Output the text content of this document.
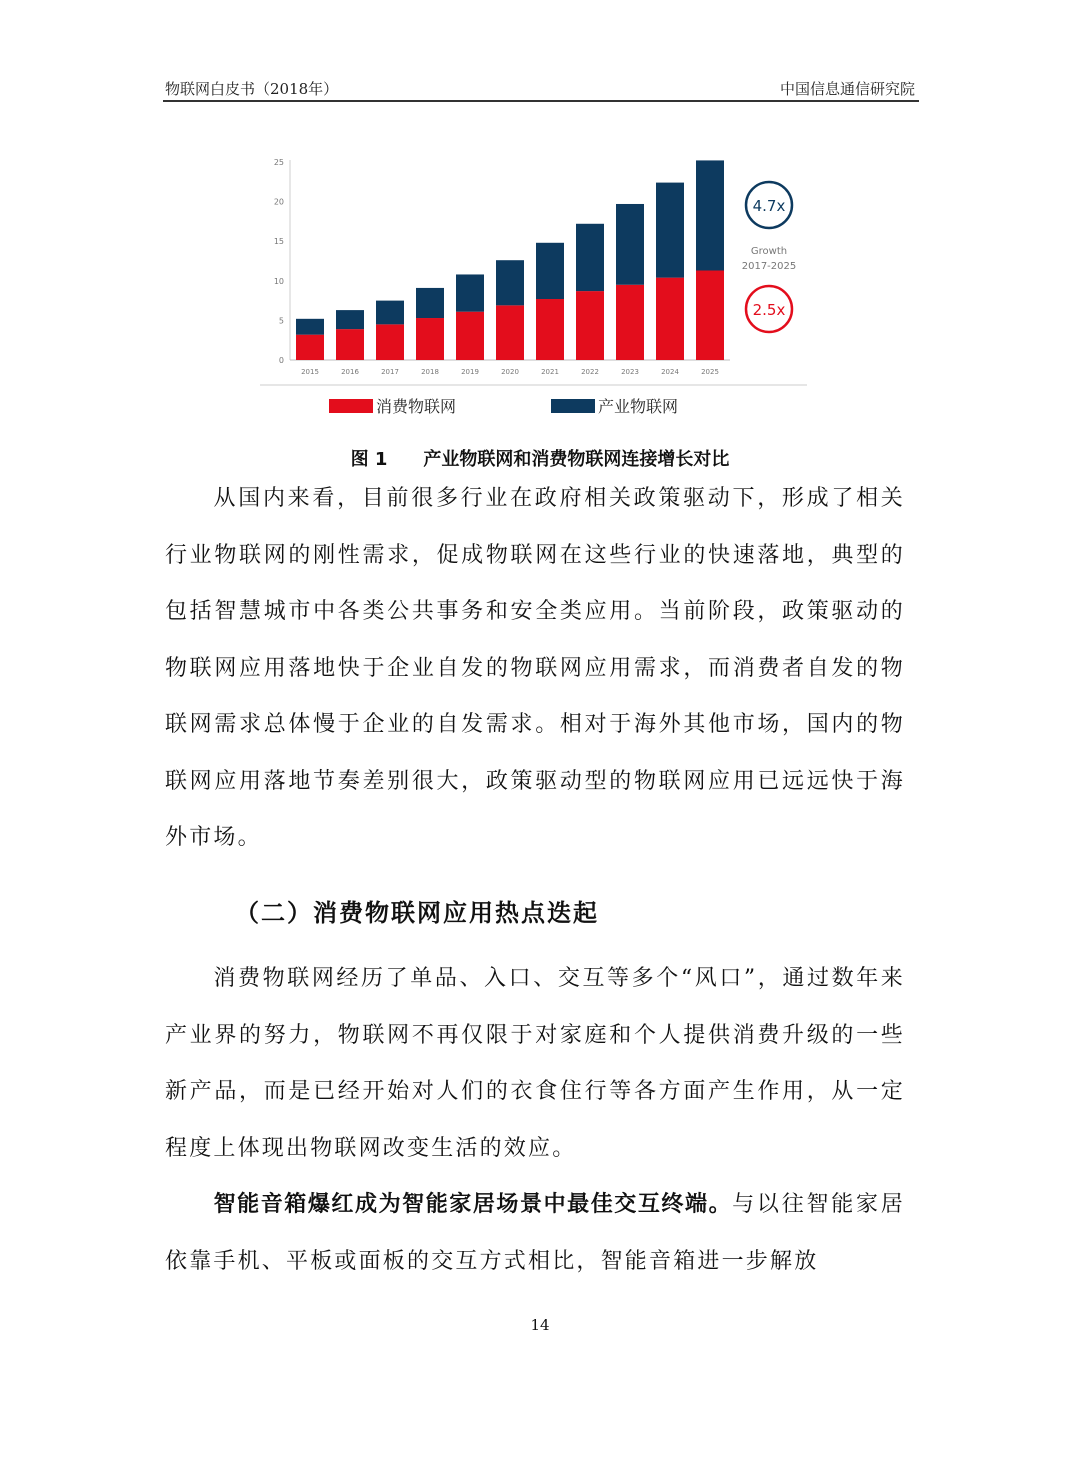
物联网白皮书（2018年）	中国信息通信研究院
0
5
10
15
20
25
2015	2016	2017	2018	2019	2020	2021	2022	2023	2024	2025
4.7x
Growth
2017-2025
2.5x
消费物联网	产业物联网
图 1 产业物联网和消费物联网连接增长对比

从国内来看，目前很多行业在政府相关政策驱动下，形成了相关行业物联网的刚性需求，促成物联网在这些行业的快速落地，典型的包括智慧城市中各类公共事务和安全类应用。当前阶段，政策驱动的物联网应用落地快于企业自发的物联网应用需求，而消费者自发的物联网需求总体慢于企业的自发需求。相对于海外其他市场，国内的物联网应用落地节奏差别很大，政策驱动型的物联网应用已远远快于海外市场。

（二）消费物联网应用热点迭起

消费物联网经历了单品、入口、交互等多个“风口”，通过数年来产业界的努力，物联网不再仅限于对家庭和个人提供消费升级的一些新产品，而是已经开始对人们的衣食住行等各方面产生作用，从一定程度上体现出物联网改变生活的效应。

智能音箱爆红成为智能家居场景中最佳交互终端。与以往智能家居依靠手机、平板或面板的交互方式相比，智能音箱进一步解放

14
